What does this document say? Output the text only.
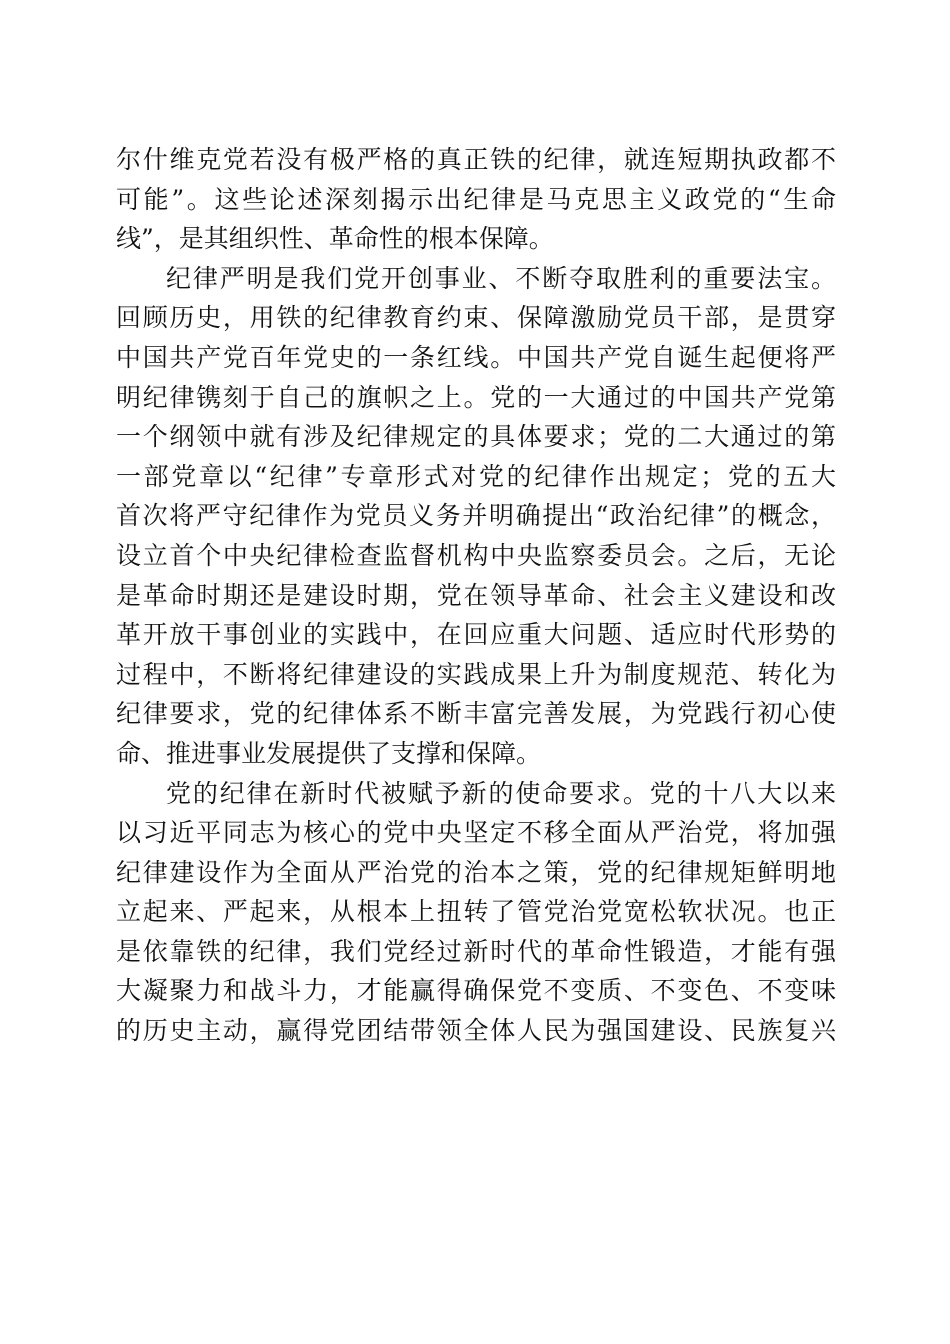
尔什维克党若没有极严格的真正铁的纪律，就连短期执政都不
可能”。这些论述深刻揭示出纪律是马克思主义政党的“生命
线”，是其组织性、革命性的根本保障。
纪律严明是我们党开创事业、不断夺取胜利的重要法宝。
回顾历史，用铁的纪律教育约束、保障激励党员干部，是贯穿
中国共产党百年党史的一条红线。中国共产党自诞生起便将严
明纪律镌刻于自己的旗帜之上。党的一大通过的中国共产党第
一个纲领中就有涉及纪律规定的具体要求；党的二大通过的第
一部党章以“纪律”专章形式对党的纪律作出规定；党的五大
首次将严守纪律作为党员义务并明确提出“政治纪律”的概念，
设立首个中央纪律检查监督机构中央监察委员会。之后，无论
是革命时期还是建设时期，党在领导革命、社会主义建设和改
革开放干事创业的实践中，在回应重大问题、适应时代形势的
过程中，不断将纪律建设的实践成果上升为制度规范、转化为
纪律要求，党的纪律体系不断丰富完善发展，为党践行初心使
命、推进事业发展提供了支撑和保障。
党的纪律在新时代被赋予新的使命要求。党的十八大以来
以习近平同志为核心的党中央坚定不移全面从严治党，将加强
纪律建设作为全面从严治党的治本之策，党的纪律规矩鲜明地
立起来、严起来，从根本上扭转了管党治党宽松软状况。也正
是依靠铁的纪律，我们党经过新时代的革命性锻造，才能有强
大凝聚力和战斗力，才能赢得确保党不变质、不变色、不变味
的历史主动，赢得党团结带领全体人民为强国建设、民族复兴
